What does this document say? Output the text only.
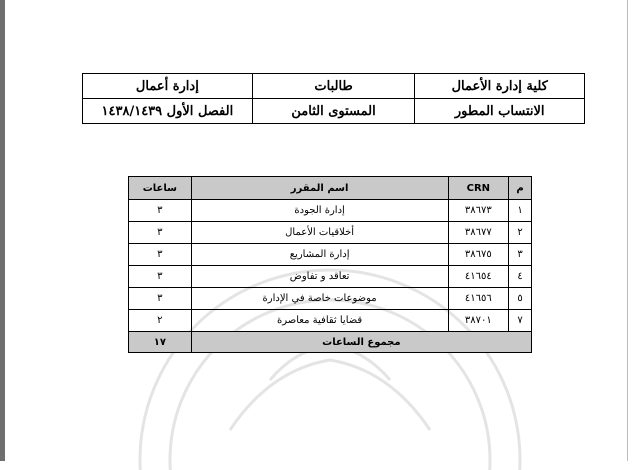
كلية إدارة الأعمال	طالبات	إدارة أعمال
الانتساب المطور	المستوى الثامن	الفصل الأول ١٤٣٨/١٤٣٩
م	CRN	اسم المقرر	ساعات
١	٣٨٦٧٣	إدارة الجودة	٣
٢	٣٨٦٧٧	أخلاقيات الأعمال	٣
٣	٣٨٦٧٥	إدارة المشاريع	٣
٤	٤١٦٥٤	تعاقد و تفاوض	٣
٥	٤١٦٥٦	موضوعات خاصة في الإدارة	٣
٧	٣٨٧٠١	قضايا ثقافية معاصرة	٢
مجموع الساعات			١٧
